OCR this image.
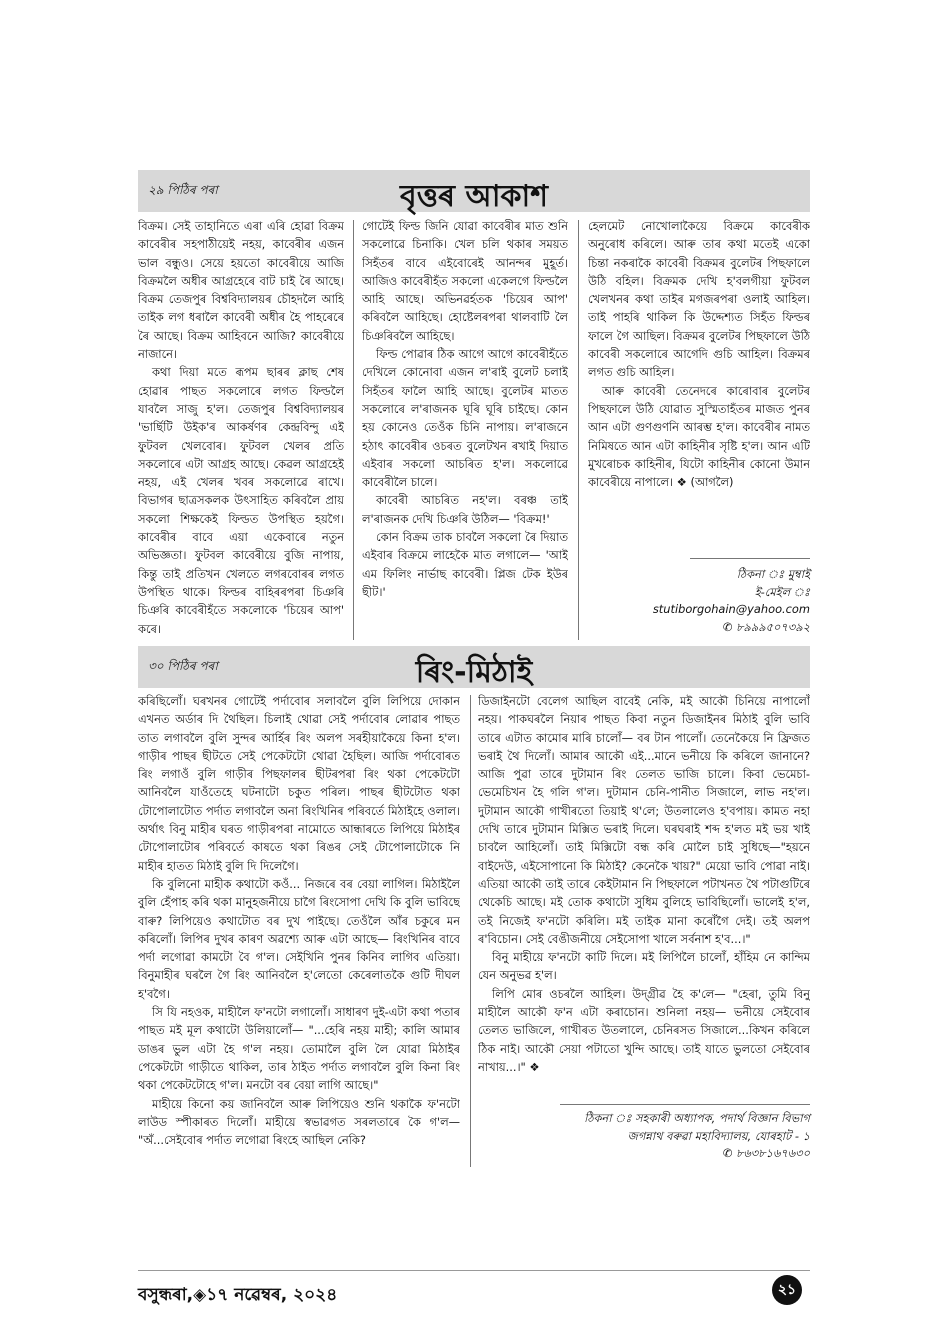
২৯ পিঠিৰ পৰা	বৃত্তৰ আকাশ

বিক্ৰম। সেই তাহানিতে এৰা এৰি হোৱা বিক্ৰম কাবেৰীৰ সহপাঠীয়েই নহয়, কাবেৰীৰ এজন ভাল বন্ধুও। সেয়ে হয়তো কাবেৰীয়ে আজি বিক্ৰমলৈ অধীৰ আগ্ৰহেৰে বাট চাই ৰৈ আছে। বিক্ৰম তেজপুৰ বিশ্ববিদ্যালয়ৰ চৌহদলৈ আহি তাইক লগ ধৰালৈ কাবেৰী অধীৰ হৈ পাহৰেৰে ৰৈ আছে। বিক্ৰম আহিবনে আজি? কাবেৰীয়ে নাজানে।

কথা দিয়া মতে ৰূপম ছাৰৰ ক্লাছ শেষ হোৱাৰ পাছত সকলোৰে লগত ফিল্ডলৈ যাবলৈ সাজু হ'ল। তেজপুৰ বিশ্ববিদ্যালয়ৰ 'ভাৰ্ছিটি উইক'ৰ আকৰ্ষণৰ কেন্দ্ৰবিন্দু এই ফুটবল খেলবোৰ। ফুটবল খেলৰ প্ৰতি সকলোৰে এটা আগ্ৰহ আছে। কেৱল আগ্ৰহেই নহয়, এই খেলৰ খবৰ সকলোৱে ৰাখে। বিভাগৰ ছাত্ৰসকলক উৎসাহিত কৰিবলৈ প্ৰায় সকলো শিক্ষকেই ফিল্ডত উপস্থিত হয়গৈ। কাবেৰীৰ বাবে এয়া একেবাৰে নতুন অভিজ্ঞতা। ফুটবল কাবেৰীয়ে বুজি নাপায়, কিন্তু তাই প্ৰতিখন খেলতে লগৰবোৰৰ লগত উপস্থিত থাকে। ফিল্ডৰ বাহিৰৰপৰা চিঞৰি চিঞৰি কাবেৰীহঁতে সকলোকে 'চিয়েৰ আপ' কৰে।

গোটেই ফিল্ড জিনি যোৱা কাবেৰীৰ মাত শুনি সকলোৱে চিনাকি। খেল চলি থকাৰ সময়ত সিহঁতৰ বাবে এইবোৰেই আনন্দৰ মুহূৰ্ত। আজিও কাবেৰীহঁত সকলো একেলগে ফিল্ডলৈ আহি আছে। অভিনৱৰ্হতক 'চিয়েৰ আপ' কৰিবলৈ আহিছে। হোষ্টেলৰপৰা থালবাটি লৈ চিঞৰিবলৈ আহিছে।

ফিল্ড পোৱাৰ ঠিক আগে আগে কাবেৰীহঁতে দেখিলে কোনোবা এজন ল'ৰাই বুলেট চলাই সিহঁতৰ ফালৈ আহি আছে। বুলেটৰ মাতত সকলোৰে ল'ৰাজনক ঘূৰি ঘূৰি চাইছে। কোন হয় কোনেও তেওঁক চিনি নাপায়। ল'ৰাজনে হঠাৎ কাবেৰীৰ ওচৰত বুলেটখন ৰখাই দিয়াত এইবাৰ সকলো আচৰিত হ'ল। সকলোৱে কাবেৰীলৈ চালে।

কাবেৰী আচৰিত নহ'ল। বৰঞ্চ তাই ল'ৰাজনক দেখি চিঞৰি উঠিল— 'বিক্ৰম!'

কোন বিক্ৰম তাক চাবলৈ সকলো ৰৈ দিয়াত এইবাৰ বিক্ৰমে লাহেকৈ মাত লগালে— 'আই এম ফিলিং নাৰ্ভাছ কাবেৰী। প্লিজ টেক ইউৰ ছীট।'

হেলমেট নোখোলাকৈয়ে বিক্ৰমে কাবেৰীক অনুৰোধ কৰিলে। আৰু তাৰ কথা মতেই একো চিন্তা নকৰাকৈ কাবেৰী বিক্ৰমৰ বুলেটৰ পিছফালে উঠি বহিল। বিক্ৰমক দেখি হ'বলগীয়া ফুটবল খেলখনৰ কথা তাইৰ মগজৰপৰা ওলাই আহিল। তাই পাহৰি থাকিল কি উদ্দেশ্যত সিহঁত ফিল্ডৰ ফালে গৈ আছিল। বিক্ৰমৰ বুলেটৰ পিছফালে উঠি কাবেৰী সকলোৰে আগেদি গুচি আহিল। বিক্ৰমৰ লগত গুচি আহিল।

আৰু কাবেৰী তেনেদৰে কাৰোবাৰ বুলেটৰ পিছফালে উঠি যোৱাত সুস্মিতাহঁতৰ মাজত পুনৰ আন এটা গুণগুণনি আৰম্ভ হ'ল। কাবেৰীৰ নামত নিমিষতে আন এটা কাহিনীৰ সৃষ্টি হ'ল। আন এটি মুখৰোচক কাহিনীৰ, যিটো কাহিনীৰ কোনো উমান কাবেৰীয়ে নাপালে। ❖ (আগলৈ)

ঠিকনা ঃ মুম্বাই
ই-মেইল ঃ
stutiborgohain@yahoo.com
✆ ৮৯৯৯৫০৭৩৯২
৩০ পিঠিৰ পৰা	ৰিং-মিঠাই

কৰিছিলোঁ। ঘৰখনৰ গোটেই পৰ্দাবোৰ সলাবলৈ বুলি লিপিয়ে দোকান এখনত অৰ্ডাৰ দি থৈছিল। চিলাই থোৱা সেই পৰ্দাবোৰ লোৱাৰ পাছত তাত লগাবলৈ বুলি সুন্দৰ আৰ্হিৰ ৰিং অলপ সৰহীয়াকৈয়ে কিনা হ'ল। গাড়ীৰ পাছৰ ছীটতে সেই পেকেটটো থোৱা হৈছিল। আজি পৰ্দাবোৰত ৰিং লগাওঁ বুলি গাড়ীৰ পিছফালৰ ছীটৰপৰা ৰিং থকা পেকেটটো আনিবলৈ যাওঁতেহে ঘটনাটো চকুত পৰিল। পাছৰ ছীটটোত থকা টোপোলাটোত পৰ্দাত লগাবলৈ অনা ৰিংখিনিৰ পৰিবৰ্তে মিঠাইহে ওলাল। অৰ্থাৎ বিনু মাহীৰ ঘৰত গাড়ীৰপৰা নামোতে আন্ধাৰতে লিপিয়ে মিঠাইৰ টোপোলাটোৰ পৰিবৰ্তে কাষতে থকা ৰিঙৰ সেই টোপোলাটোকে নি মাহীৰ হাতত মিঠাই বুলি দি দিলেগৈ।

কি বুলিনো মাহীক কথাটো কওঁ... নিজৰে বৰ বেয়া লাগিল। মিঠাইলৈ বুলি হেঁপাহ কৰি থকা মানুহজনীয়ে চাগৈ ৰিংসোপা দেখি কি বুলি ভাবিছে বাৰু? লিপিয়েও কথাটোত বৰ দুখ পাইছে। তেওঁলৈ আঁৰ চকুৰে মন কৰিলোঁ। লিপিৰ দুখৰ কাৰণ অৱশ্যে আৰু এটা আছে— ৰিংখিনিৰ বাবে পৰ্দা লগোৱা কামটো বৈ গ'ল। সেইখিনি পুনৰ কিনিব লাগিব এতিয়া। বিনুমাহীৰ ঘৰলৈ গৈ ৰিং আনিবলৈ হ'লেতো কেৰেলাতকৈ গুটি দীঘল হ'বগৈ।

সি যি নহওক, মাহীলৈ ফ'নটো লগালোঁ। সাধাৰণ দুই-এটা কথা পতাৰ পাছত মই মূল কথাটো উলিয়ালোঁ— "...হেৰি নহয় মাহী; কালি আমাৰ ডাঙৰ ভুল এটা হৈ গ'ল নহয়। তোমালৈ বুলি লৈ যোৱা মিঠাইৰ পেকেটটো গাড়ীতে থাকিল, তাৰ ঠাইত পৰ্দাত লগাবলৈ বুলি কিনা ৰিং থকা পেকেটটোহে গ'ল। মনটো বৰ বেয়া লাগি আছে।"

মাহীয়ে কিনো কয় জানিবলৈ আৰু লিপিয়েও শুনি থকাকৈ ফ'নটো লাউড স্পীকাৰত দিলোঁ। মাহীয়ে স্বভাৱগত সৰলতাৰে কৈ গ'ল— "অঁ...সেইবোৰ পৰ্দাত লগোৱা ৰিংহে আছিল নেকি?

ডিজাইনটো বেলেগ আছিল বাবেই নেকি, মই আকৌ চিনিয়ে নাপালোঁ নহয়। পাকঘৰলৈ নিয়াৰ পাছত কিবা নতুন ডিজাইনৰ মিঠাই বুলি ভাবি তাৰে এটাত কামোৰ মাৰি চালোঁ— বৰ টান পালোঁ। তেনেকৈয়ে নি ফ্ৰিজত ভৰাই থৈ দিলোঁ। আমাৰ আকৌ এই...মানে ভনীয়ে কি কৰিলে জানানে? আজি পুৱা তাৰে দুটামান ৰিং তেলত ভাজি চালে। কিবা ভেমেচা-ভেমেচিখন হৈ গলি গ'ল। দুটামান চেনি-পানীত সিজালে, লাভ নহ'ল। দুটামান আকৌ গাখীৰতো তিয়াই থ'লে; উতলালেও হ'বপায়। কামত নহা দেখি তাৰে দুটামান মিক্সিত ভৰাই দিলে। ঘৰঘৰাই শব্দ হ'লত মই ভয় খাই চাবলৈ আহিলোঁ। তাই মিক্সিটো বন্ধ কৰি মোলৈ চাই সুধিছে—"হয়নে বাইদেউ, এইসোপানো কি মিঠাই? কেনেকৈ খায়?" মেয়ো ভাবি পোৱা নাই। এতিয়া আকৌ তাই তাৰে কেইটামান নি পিছফালে পটাখনত থৈ পটাগুটিৰে থেকেচি আছে। মই তোক কথাটো সুধিম বুলিহে ভাবিছিলোঁ। ভালেই হ'ল, তই নিজেই ফ'নটো কৰিলি। মই তাইক মানা কৰোঁগৈ দেই। তই অলপ ৰ'বিচোন। সেই বেঙীজনীয়ে সেইসোপা খালে সৰ্বনাশ হ'ব...।"

বিনু মাহীয়ে ফ'নটো কাটি দিলে। মই লিপিলৈ চালোঁ, হাঁহিম নে কান্দিম যেন অনুভৱ হ'ল।

লিপি মোৰ ওচৰলৈ আহিল। উদ্‌গ্ৰীৱ হৈ ক'লে— "হেৰা, তুমি বিনু মাহীলৈ আকৌ ফ'ন এটা কৰাচোন। শুনিলা নহয়— ভনীয়ে সেইবোৰ তেলত ভাজিলে, গাখীৰত উতলালে, চেনিৰসত সিজালে...কিখন কৰিলে ঠিক নাই। আকৌ সেয়া পটাতো খুন্দি আছে। তাই যাতে ভুলতো সেইবোৰ নাখায়...।" ❖

ঠিকনা ঃ সহকাৰী অধ্যাপক, পদাৰ্থ বিজ্ঞান বিভাগ
জগন্নাথ বৰুৱা মহাবিদ্যালয়, যোৰহাট - ১
✆ ৮৬৩৮১৬৭৬৩০
বসুন্ধৰা,◈১৭ নৱেম্বৰ, ২০২৪	২১
